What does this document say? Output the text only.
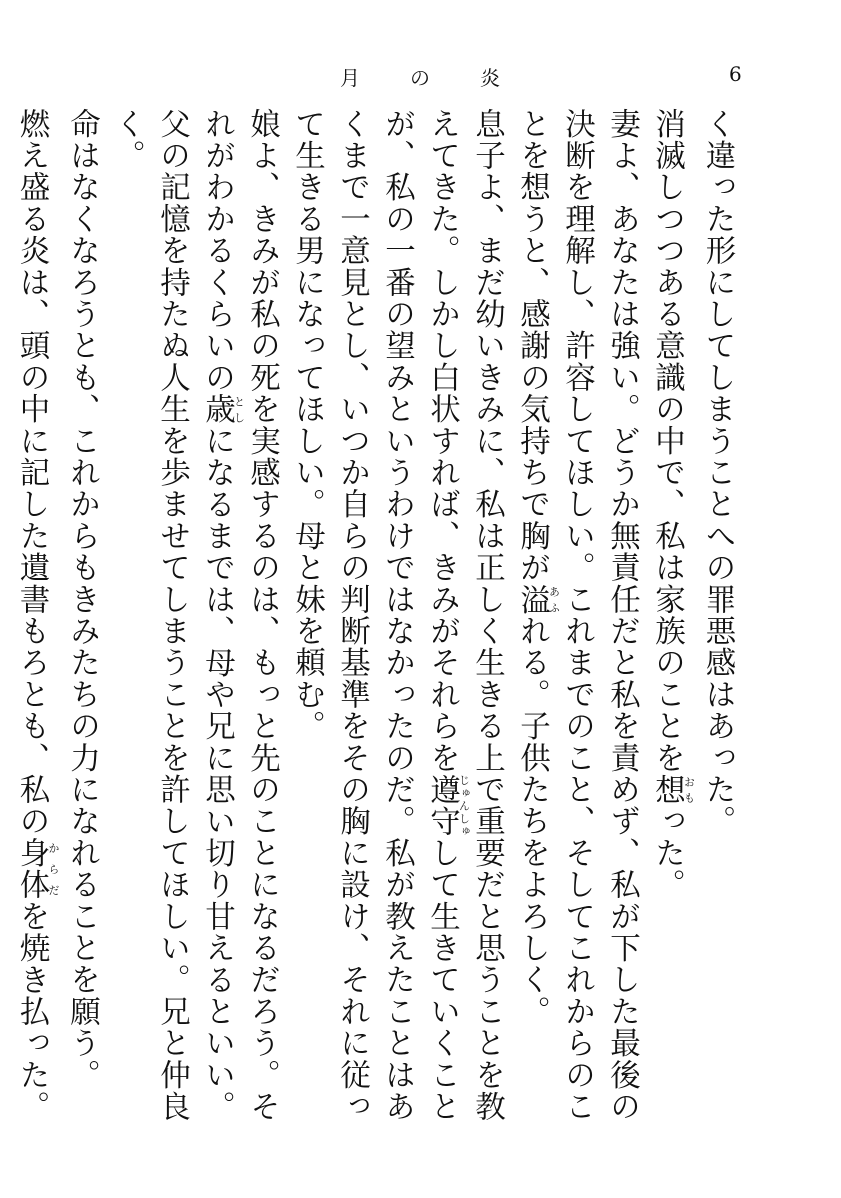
月	の	炎	6

く違った形にしてしまうことへの罪悪感はあった。

消滅しつつある意識の中で、私は家族のことを想おもった。

妻よ、あなたは強い。どうか無責任だと私を責めず、私が下した最後の決断を理解し、許容してほしい。これまでのこと、そしてこれからのことを想うと、感謝の気持ちで胸が溢あふれる。子供たちをよろしく。

息子よ、まだ幼いきみに、私は正しく生きる上で重要だと思うことを教えてきた。しかし白状すれば、きみがそれらを遵守じゅんしゅして生きていくことが、私の一番の望みというわけではなかったのだ。私が教えたことはあくまで一意見とし、いつか自らの判断基準をその胸に設け、それに従って生きる男になってほしい。母と妹を頼む。

娘よ、きみが私の死を実感するのは、もっと先のことになるだろう。それがわかるくらいの歳としになるまでは、母や兄に思い切り甘えるといい。父の記憶を持たぬ人生を歩ませてしまうことを許してほしい。兄と仲良く。

命はなくなろうとも、これからもきみたちの力になれることを願う。

燃え盛る炎は、頭の中に記した遺書もろとも、私の身体からだを焼き払った。
